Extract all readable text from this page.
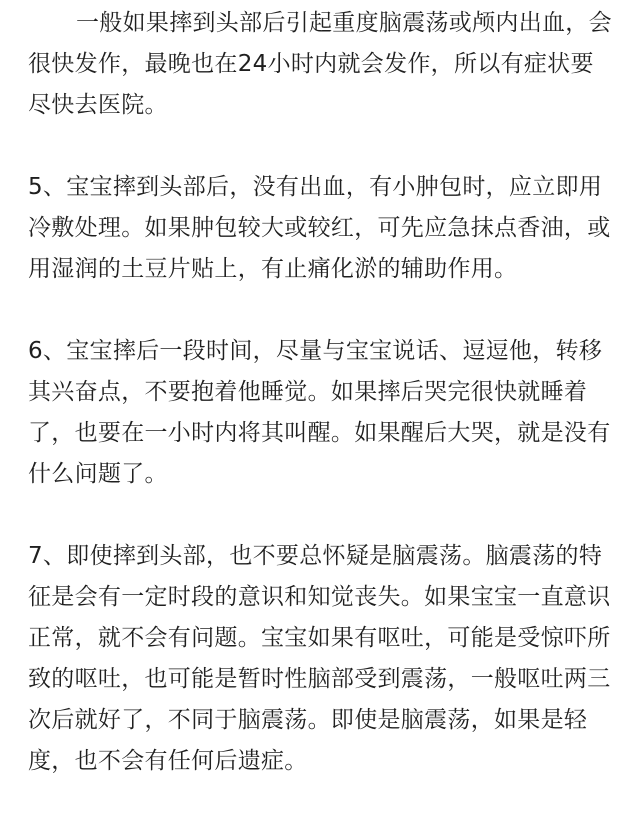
一般如果摔到头部后引起重度脑震荡或颅内出血，会很快发作，最晚也在24小时内就会发作，所以有症状要尽快去医院。

5、宝宝摔到头部后，没有出血，有小肿包时，应立即用冷敷处理。如果肿包较大或较红，可先应急抹点香油，或用湿润的土豆片贴上，有止痛化淤的辅助作用。

6、宝宝摔后一段时间，尽量与宝宝说话、逗逗他，转移其兴奋点，不要抱着他睡觉。如果摔后哭完很快就睡着了，也要在一小时内将其叫醒。如果醒后大哭，就是没有什么问题了。

7、即使摔到头部，也不要总怀疑是脑震荡。脑震荡的特征是会有一定时段的意识和知觉丧失。如果宝宝一直意识正常，就不会有问题。宝宝如果有呕吐，可能是受惊吓所致的呕吐，也可能是暂时性脑部受到震荡，一般呕吐两三次后就好了，不同于脑震荡。即使是脑震荡，如果是轻度，也不会有任何后遗症。
